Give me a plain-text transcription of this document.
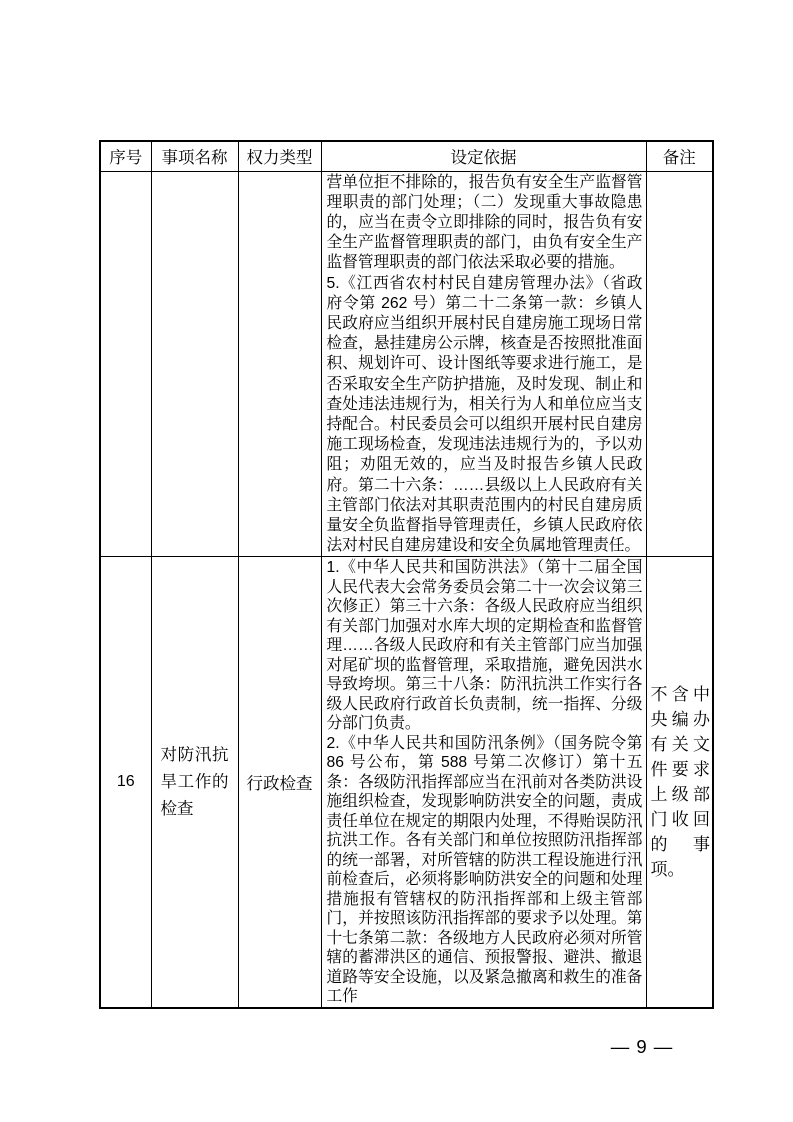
序号	事项名称	权力类型	设定依据	备注

			营单位拒不排除的，报告负有安全生产监督管理职责的部门处理；（二）发现重大事故隐患的，应当在责令立即排除的同时，报告负有安全生产监督管理职责的部门，由负有安全生产监督管理职责的部门依法采取必要的措施。
5.《江西省农村村民自建房管理办法》（省政府令第 262 号）第二十二条第一款：乡镇人民政府应当组织开展村民自建房施工现场日常检查，悬挂建房公示牌，核查是否按照批准面积、规划许可、设计图纸等要求进行施工，是否采取安全生产防护措施，及时发现、制止和查处违法违规行为，相关行为人和单位应当支持配合。村民委员会可以组织开展村民自建房施工现场检查，发现违法违规行为的，予以劝阻；劝阻无效的，应当及时报告乡镇人民政府。第二十六条：……县级以上人民政府有关主管部门依法对其职责范围内的村民自建房质量安全负监督指导管理责任，乡镇人民政府依法对村民自建房建设和安全负属地管理责任。	

16	对防汛抗旱工作的检查	行政检查	1.《中华人民共和国防洪法》（第十二届全国人民代表大会常务委员会第二十一次会议第三次修正）第三十六条：各级人民政府应当组织有关部门加强对水库大坝的定期检查和监督管理……各级人民政府和有关主管部门应当加强对尾矿坝的监督管理，采取措施，避免因洪水导致垮坝。第三十八条：防汛抗洪工作实行各级人民政府行政首长负责制，统一指挥、分级分部门负责。
2.《中华人民共和国防汛条例》（国务院令第 86 号公布，第 588 号第二次修订）第十五条：各级防汛指挥部应当在汛前对各类防洪设施组织检查，发现影响防洪安全的问题，责成责任单位在规定的期限内处理，不得贻误防汛抗洪工作。各有关部门和单位按照防汛指挥部的统一部署，对所管辖的防洪工程设施进行汛前检查后，必须将影响防洪安全的问题和处理措施报有管辖权的防汛指挥部和上级主管部门，并按照该防汛指挥部的要求予以处理。第十七条第二款：各级地方人民政府必须对所管辖的蓄滞洪区的通信、预报警报、避洪、撤退道路等安全设施，以及紧急撤离和救生的准备工作	不含中央编办有关文件要求上级部门收回的事项。
— 9 —
